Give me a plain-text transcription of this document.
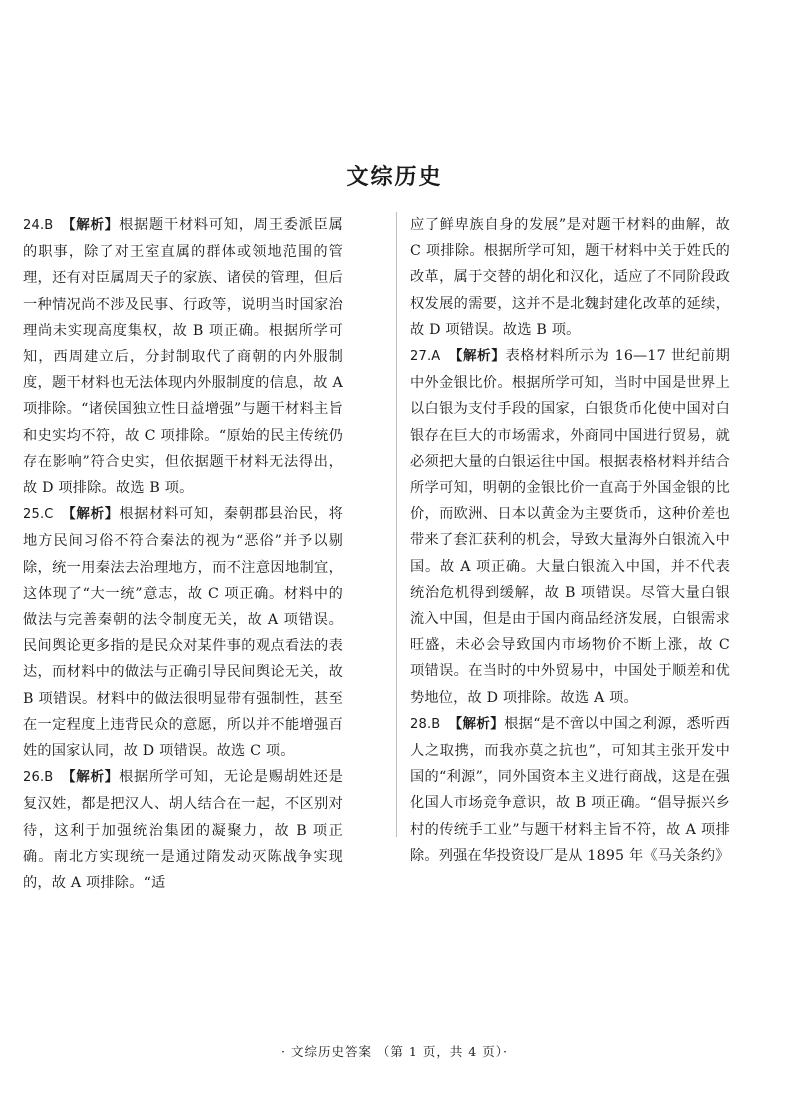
文综历史

24.B 【解析】根据题干材料可知，周王委派臣属的职事，除了对王室直属的群体或领地范围的管理，还有对臣属周天子的家族、诸侯的管理，但后一种情况尚不涉及民事、行政等，说明当时国家治理尚未实现高度集权，故 B 项正确。根据所学可知，西周建立后，分封制取代了商朝的内外服制度，题干材料也无法体现内外服制度的信息，故 A 项排除。“诸侯国独立性日益增强”与题干材料主旨和史实均不符，故 C 项排除。“原始的民主传统仍存在影响”符合史实，但依据题干材料无法得出，故 D 项排除。故选 B 项。

25.C 【解析】根据材料可知，秦朝郡县治民，将地方民间习俗不符合秦法的视为“恶俗”并予以剔除，统一用秦法去治理地方，而不注意因地制宜，这体现了“大一统”意志，故 C 项正确。材料中的做法与完善秦朝的法令制度无关，故 A 项错误。民间舆论更多指的是民众对某件事的观点看法的表达，而材料中的做法与正确引导民间舆论无关，故 B 项错误。材料中的做法很明显带有强制性，甚至在一定程度上违背民众的意愿，所以并不能增强百姓的国家认同，故 D 项错误。故选 C 项。

26.B 【解析】根据所学可知，无论是赐胡姓还是复汉姓，都是把汉人、胡人结合在一起，不区别对待，这利于加强统治集团的凝聚力，故 B 项正确。南北方实现统一是通过隋发动灭陈战争实现的，故 A 项排除。“适

应了鲜卑族自身的发展”是对题干材料的曲解，故 C 项排除。根据所学可知，题干材料中关于姓氏的改革，属于交替的胡化和汉化，适应了不同阶段政权发展的需要，这并不是北魏封建化改革的延续，故 D 项错误。故选 B 项。

27.A 【解析】表格材料所示为 16—17 世纪前期中外金银比价。根据所学可知，当时中国是世界上以白银为支付手段的国家，白银货币化使中国对白银存在巨大的市场需求，外商同中国进行贸易，就必须把大量的白银运往中国。根据表格材料并结合所学可知，明朝的金银比价一直高于外国金银的比价，而欧洲、日本以黄金为主要货币，这种价差也带来了套汇获利的机会，导致大量海外白银流入中国。故 A 项正确。大量白银流入中国，并不代表统治危机得到缓解，故 B 项错误。尽管大量白银流入中国，但是由于国内商品经济发展，白银需求旺盛，未必会导致国内市场物价不断上涨，故 C 项错误。在当时的中外贸易中，中国处于顺差和优势地位，故 D 项排除。故选 A 项。

28.B 【解析】根据“是不啻以中国之利源，悉听西人之取携，而我亦莫之抗也”，可知其主张开发中国的“利源”，同外国资本主义进行商战，这是在强化国人市场竞争意识，故 B 项正确。“倡导振兴乡村的传统手工业”与题干材料主旨不符，故 A 项排除。列强在华投资设厂是从 1895 年《马关条约》

· 文综历史答案 （第 1 页，共 4 页）·
